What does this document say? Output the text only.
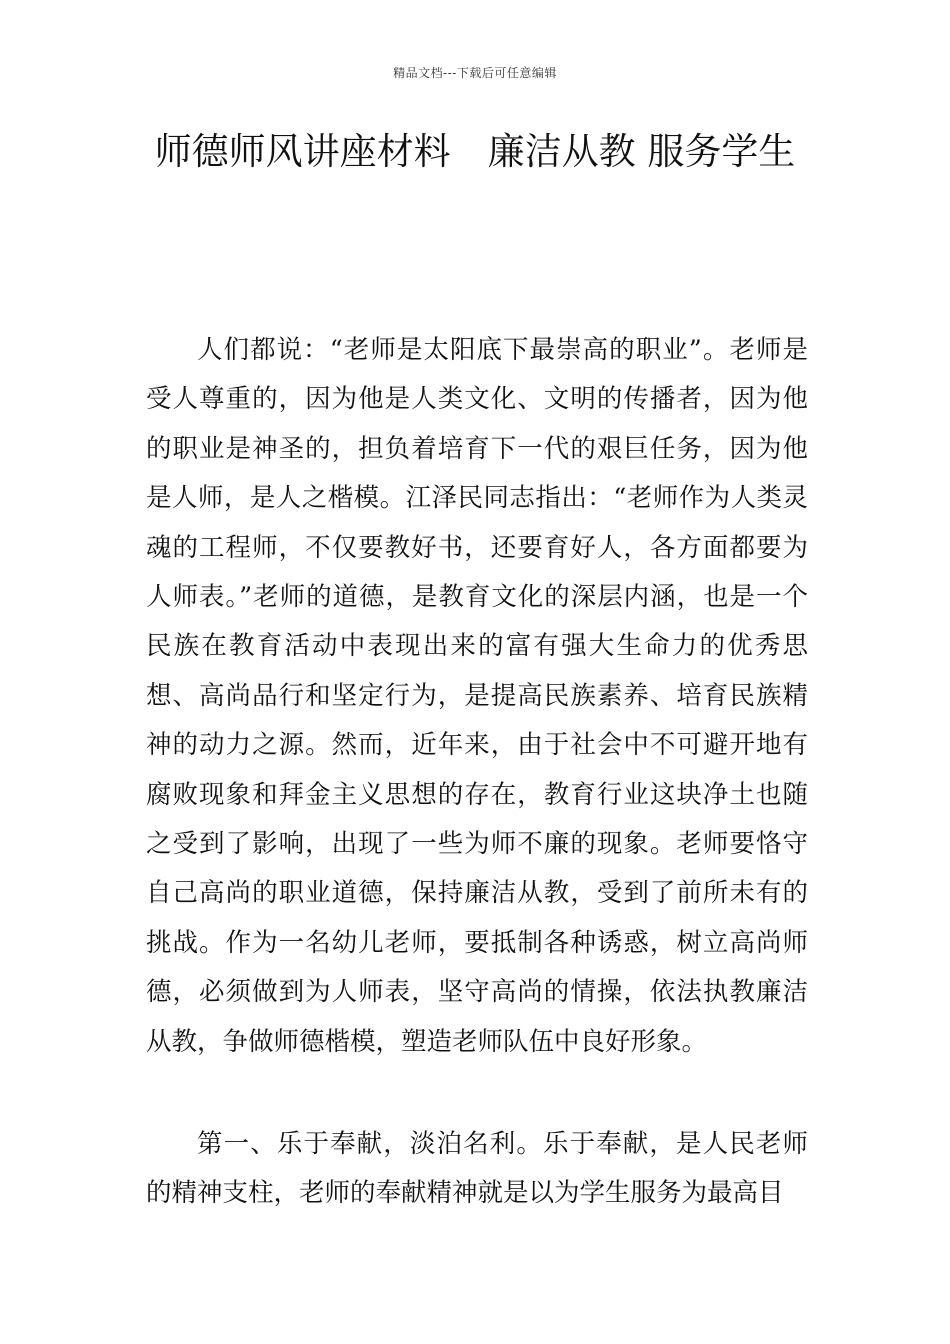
精品文档---下载后可任意编辑
师德师风讲座材料　廉洁从教 服务学生

人们都说：“老师是太阳底下最崇高的职业”。老师是受人尊重的，因为他是人类文化、文明的传播者，因为他的职业是神圣的，担负着培育下一代的艰巨任务，因为他是人师，是人之楷模。江泽民同志指出：“老师作为人类灵魂的工程师，不仅要教好书，还要育好人，各方面都要为人师表。”老师的道德，是教育文化的深层内涵，也是一个民族在教育活动中表现出来的富有强大生命力的优秀思想、高尚品行和坚定行为，是提高民族素养、培育民族精神的动力之源。然而，近年来，由于社会中不可避开地有腐败现象和拜金主义思想的存在，教育行业这块净土也随之受到了影响，出现了一些为师不廉的现象。老师要恪守自己高尚的职业道德，保持廉洁从教，受到了前所未有的挑战。作为一名幼儿老师，要抵制各种诱惑，树立高尚师德，必须做到为人师表，坚守高尚的情操，依法执教廉洁从教，争做师德楷模，塑造老师队伍中良好形象。

第一、乐于奉献，淡泊名利。乐于奉献，是人民老师的精神支柱，老师的奉献精神就是以为学生服务为最高目
